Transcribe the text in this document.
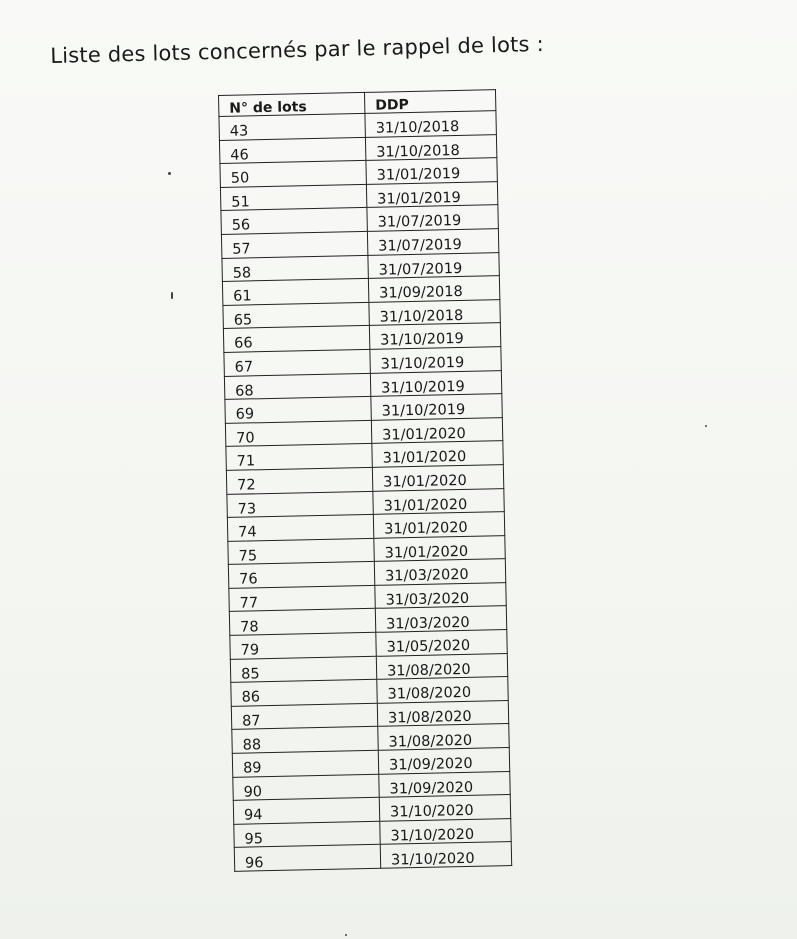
Liste des lots concernés par le rappel de lots :
N° de lots	DDP
43	31/10/2018
46	31/10/2018
50	31/01/2019
51	31/01/2019
56	31/07/2019
57	31/07/2019
58	31/07/2019
61	31/09/2018
65	31/10/2018
66	31/10/2019
67	31/10/2019
68	31/10/2019
69	31/10/2019
70	31/01/2020
71	31/01/2020
72	31/01/2020
73	31/01/2020
74	31/01/2020
75	31/01/2020
76	31/03/2020
77	31/03/2020
78	31/03/2020
79	31/05/2020
85	31/08/2020
86	31/08/2020
87	31/08/2020
88	31/08/2020
89	31/09/2020
90	31/09/2020
94	31/10/2020
95	31/10/2020
96	31/10/2020
